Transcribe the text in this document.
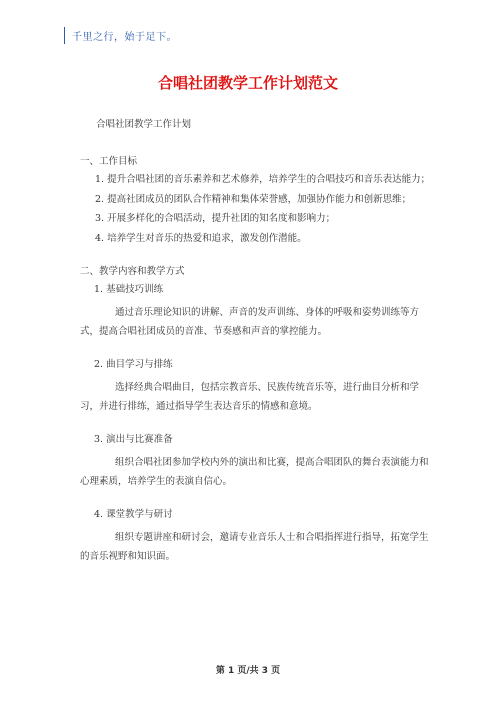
千里之行，始于足下。
合唱社团教学工作计划范文
合唱社团教学工作计划
一、工作目标
1. 提升合唱社团的音乐素养和艺术修养，培养学生的合唱技巧和音乐表达能力；
2. 提高社团成员的团队合作精神和集体荣誉感，加强协作能力和创新思维；
3. 开展多样化的合唱活动，提升社团的知名度和影响力；
4. 培养学生对音乐的热爱和追求，激发创作潜能。
二、教学内容和教学方式
1. 基础技巧训练
通过音乐理论知识的讲解、声音的发声训练、身体的呼吸和姿势训练等方式，提高合唱社团成员的音准、节奏感和声音的掌控能力。
2. 曲目学习与排练
选择经典合唱曲目，包括宗教音乐、民族传统音乐等，进行曲目分析和学习，并进行排练，通过指导学生表达音乐的情感和意境。
3. 演出与比赛准备
组织合唱社团参加学校内外的演出和比赛，提高合唱团队的舞台表演能力和心理素质，培养学生的表演自信心。
4. 课堂教学与研讨
组织专题讲座和研讨会，邀请专业音乐人士和合唱指挥进行指导，拓宽学生的音乐视野和知识面。
第 1 页/共 3 页
